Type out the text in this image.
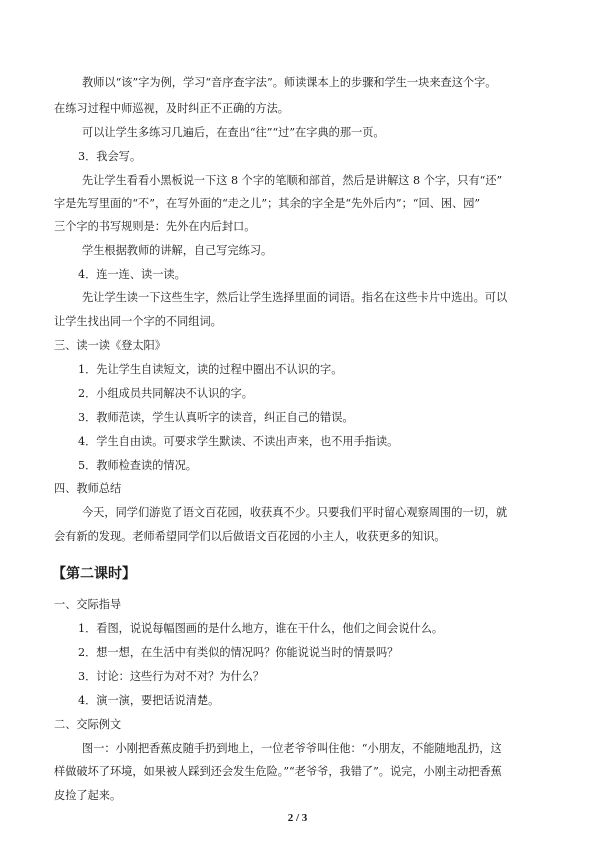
教师以“该”字为例，学习“音序查字法”。师读课本上的步骤和学生一块来查这个字。
在练习过程中师巡视，及时纠正不正确的方法。
可以让学生多练习几遍后，在查出“往”“过”在字典的那一页。
3．我会写。
先让学生看看小黑板说一下这 8 个字的笔顺和部首，然后是讲解这 8 个字，只有“还”
字是先写里面的“不”，在写外面的“走之儿”；其余的字全是“先外后内”；“回、困、园”
三个字的书写规则是：先外在内后封口。
学生根据教师的讲解，自己写完练习。
4．连一连、读一读。
先让学生读一下这些生字，然后让学生选择里面的词语。指名在这些卡片中选出。可以
让学生找出同一个字的不同组词。
三、读一读《登太阳》
1．先让学生自读短文，读的过程中圈出不认识的字。
2．小组成员共同解决不认识的字。
3．教师范读，学生认真听字的读音，纠正自己的错误。
4．学生自由读。可要求学生默读、不读出声来，也不用手指读。
5．教师检查读的情况。
四、教师总结
今天，同学们游览了语文百花园，收获真不少。只要我们平时留心观察周围的一切，就
会有新的发现。老师希望同学们以后做语文百花园的小主人，收获更多的知识。
【第二课时】
一、交际指导
1．看图，说说每幅图画的是什么地方，谁在干什么，他们之间会说什么。
2．想一想，在生活中有类似的情况吗？你能说说当时的情景吗？
3．讨论：这些行为对不对？为什么？
4．演一演，要把话说清楚。
二、交际例文
图一：小刚把香蕉皮随手扔到地上，一位老爷爷叫住他：“小朋友，不能随地乱扔，这
样做破坏了环境，如果被人踩到还会发生危险。”“老爷爷，我错了”。说完，小刚主动把香蕉
皮捡了起来。
2 / 3
